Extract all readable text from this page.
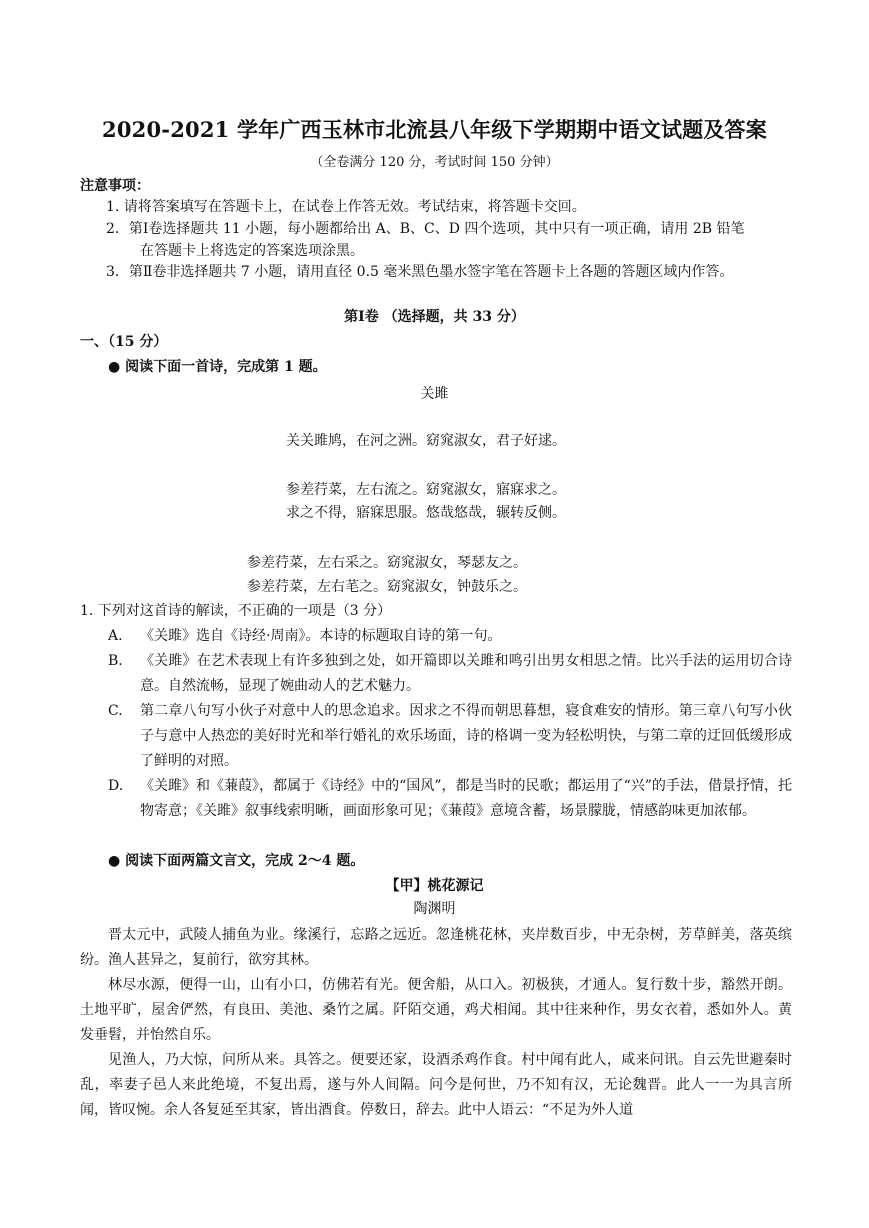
2020-2021 学年广西玉林市北流县八年级下学期期中语文试题及答案
（全卷满分 120 分，考试时间 150 分钟）
注意事项：
1. 请将答案填写在答题卡上，在试卷上作答无效。考试结束，将答题卡交回。
2．第Ⅰ卷选择题共 11 小题，每小题都给出 A、B、C、D 四个选项，其中只有一项正确，请用 2B 铅笔
在答题卡上将选定的答案选项涂黑。
3．第Ⅱ卷非选择题共 7 小题，请用直径 0.5 毫米黑色墨水签字笔在答题卡上各题的答题区域内作答。
第Ⅰ卷 （选择题，共 33 分）
一、（15 分）
● 阅读下面一首诗，完成第 1 题。
关雎
关关雎鸠，在河之洲。窈窕淑女，君子好逑。
参差荇菜，左右流之。窈窕淑女，寤寐求之。
求之不得，寤寐思服。悠哉悠哉，辗转反侧。
参差荇菜，左右采之。窈窕淑女，琴瑟友之。
参差荇菜，左右芼之。窈窕淑女，钟鼓乐之。
1. 下列对这首诗的解读，不正确的一项是（3 分）
A. 《关雎》选自《诗经·周南》。本诗的标题取自诗的第一句。
B. 《关雎》在艺术表现上有许多独到之处，如开篇即以关雎和鸣引出男女相思之情。比兴手法的运用切合诗意。自然流畅，显现了婉曲动人的艺术魅力。
C. 第二章八句写小伙子对意中人的思念追求。因求之不得而朝思暮想，寝食难安的情形。第三章八句写小伙子与意中人热恋的美好时光和举行婚礼的欢乐场面，诗的格调一变为轻松明快，与第二章的迂回低缓形成了鲜明的对照。
D. 《关雎》和《蒹葭》，都属于《诗经》中的“国风”，都是当时的民歌；都运用了“兴”的手法，借景抒情，托物寄意；《关雎》叙事线索明晰，画面形象可见；《蒹葭》意境含蓄，场景朦胧，情感韵味更加浓郁。
● 阅读下面两篇文言文，完成 2～4 题。
【甲】桃花源记
陶渊明
晋太元中，武陵人捕鱼为业。缘溪行，忘路之远近。忽逢桃花林，夹岸数百步，中无杂树，芳草鲜美，落英缤纷。渔人甚异之，复前行，欲穷其林。
林尽水源，便得一山，山有小口，仿佛若有光。便舍船，从口入。初极狭，才通人。复行数十步，豁然开朗。土地平旷，屋舍俨然，有良田、美池、桑竹之属。阡陌交通，鸡犬相闻。其中往来种作，男女衣着，悉如外人。黄发垂髫，并怡然自乐。
见渔人，乃大惊，问所从来。具答之。便要还家，设酒杀鸡作食。村中闻有此人，咸来问讯。自云先世避秦时乱，率妻子邑人来此绝境，不复出焉，遂与外人间隔。问今是何世，乃不知有汉，无论魏晋。此人一一为具言所闻，皆叹惋。余人各复延至其家，皆出酒食。停数日，辞去。此中人语云：“不足为外人道
